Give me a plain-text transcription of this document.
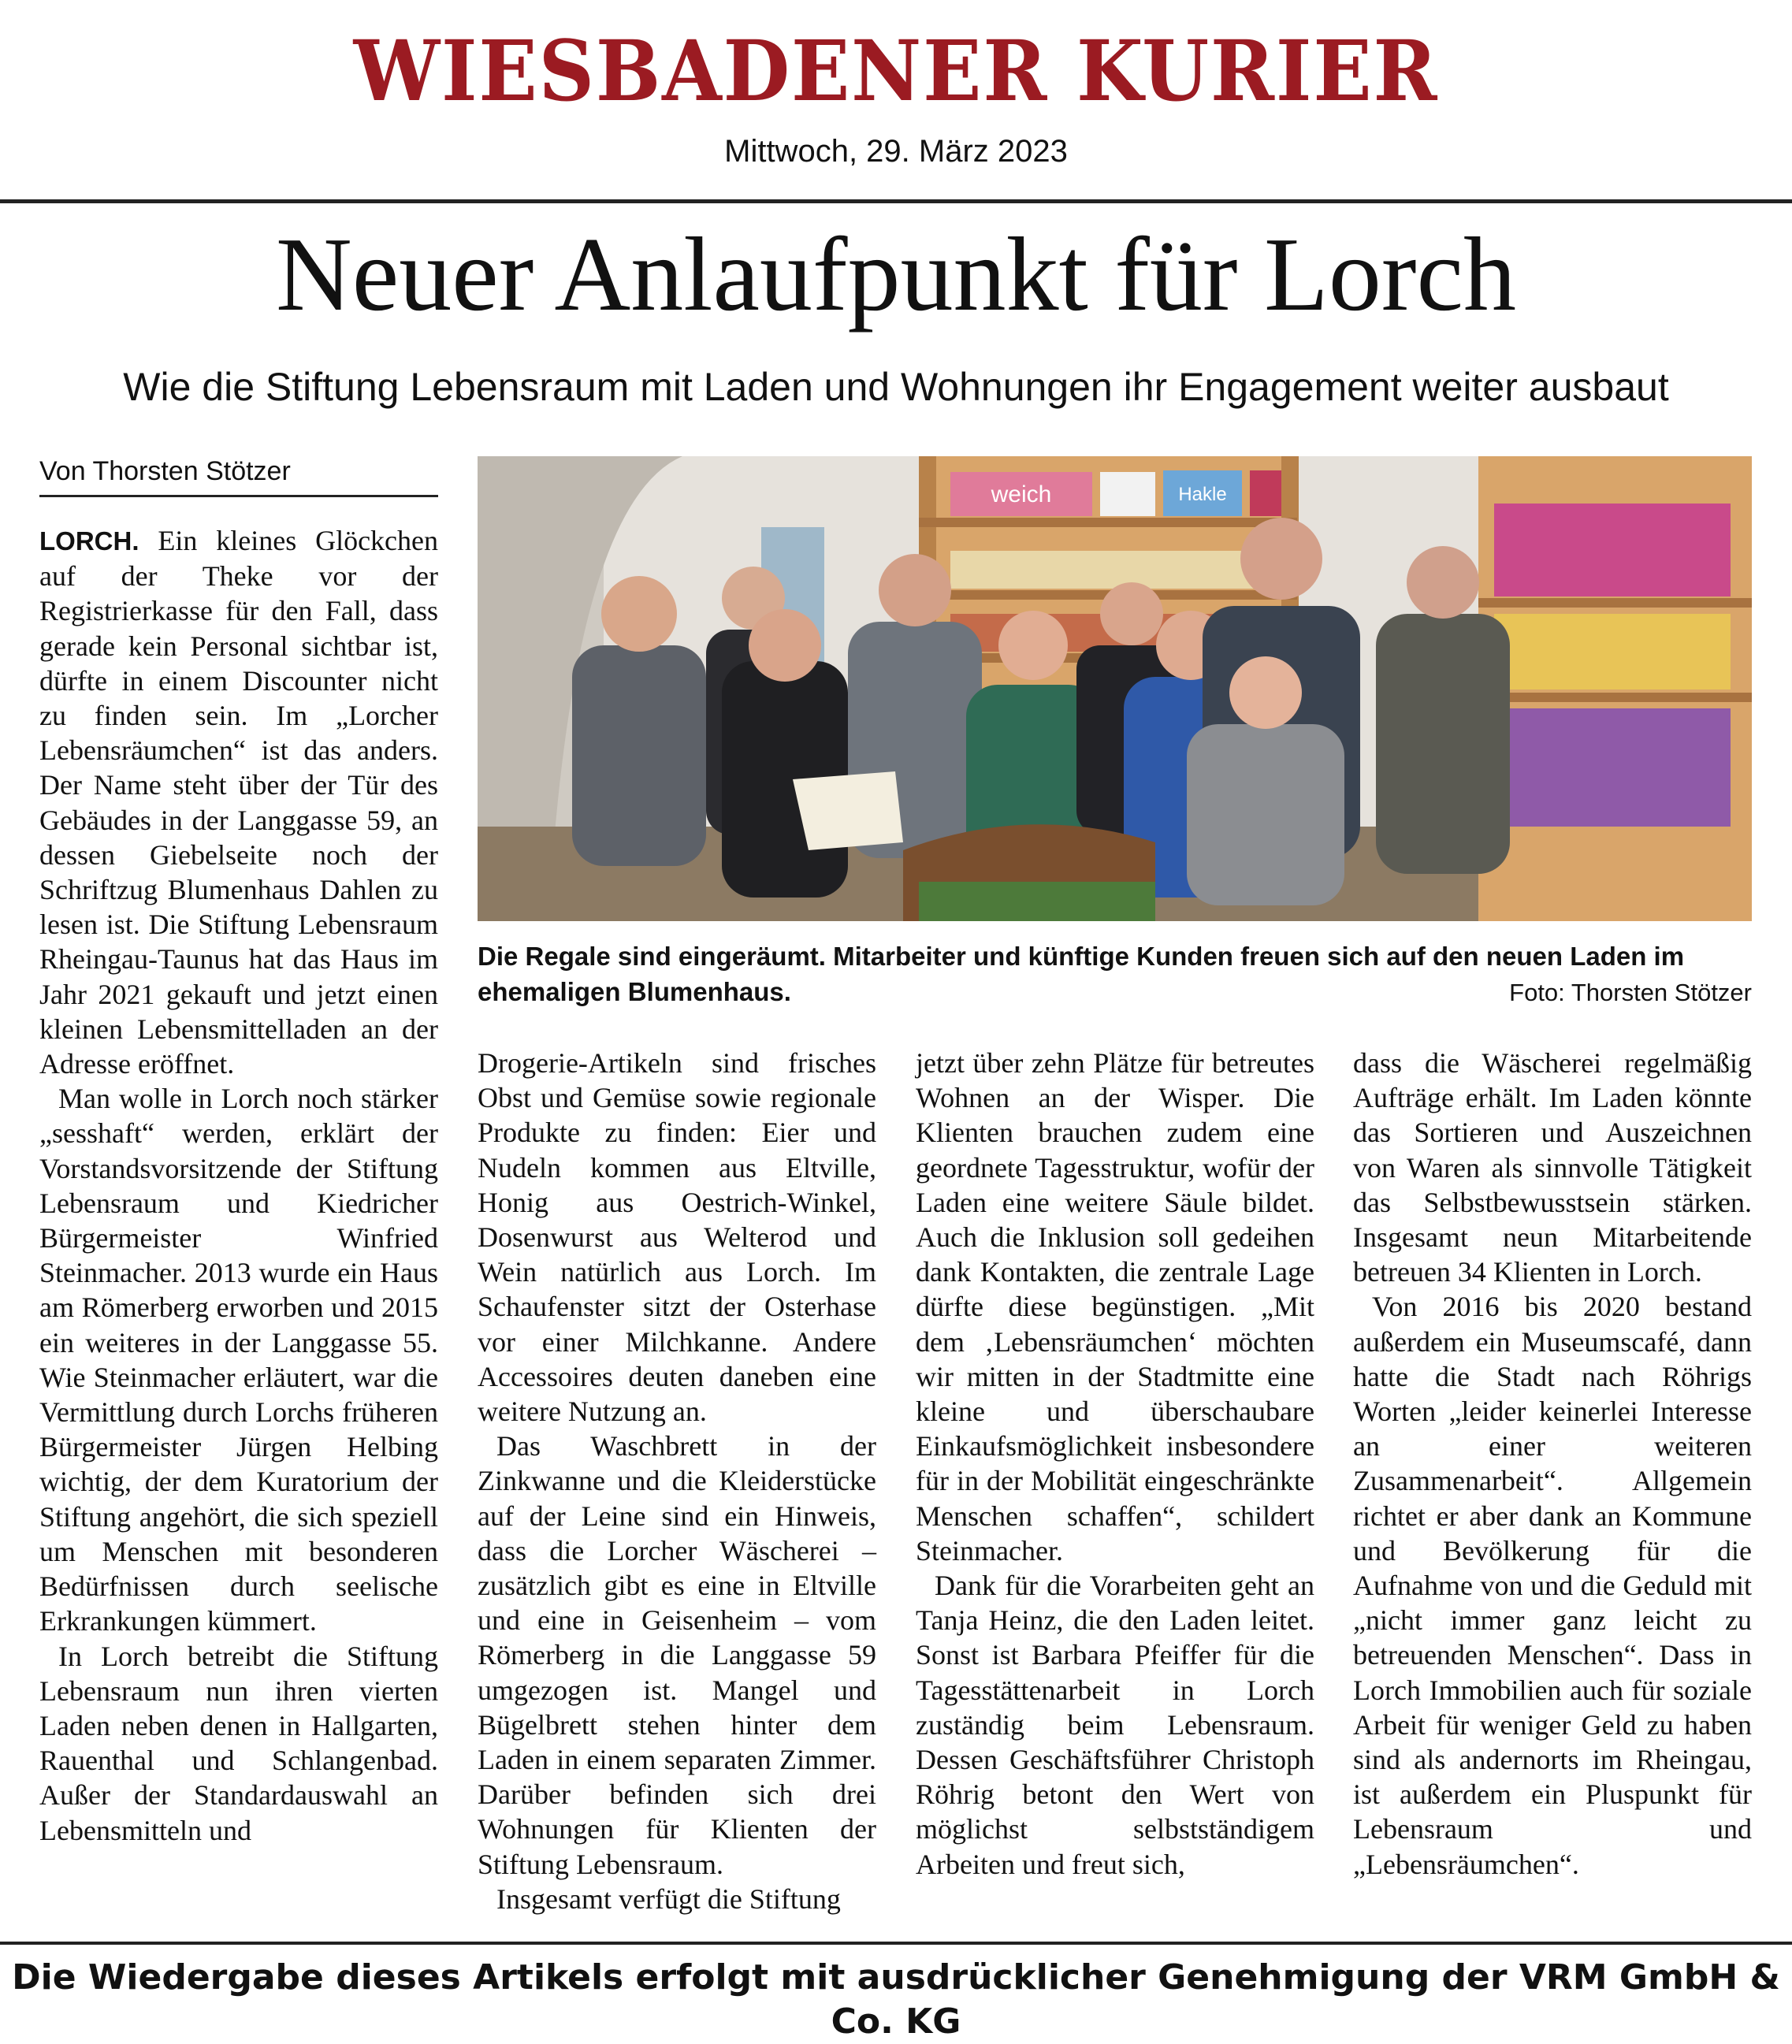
WIESBADENER KURIER
Mittwoch, 29. März 2023
Neuer Anlaufpunkt für Lorch
Wie die Stiftung Lebensraum mit Laden und Wohnungen ihr Engagement weiter ausbaut
Von Thorsten Stötzer
weich	Hakle
Die Regale sind eingeräumt. Mitarbeiter und künftige Kunden freuen sich auf den neuen Laden im ehemaligen Blumenhaus.	Foto: Thorsten Stötzer

LORCH. Ein kleines Glöckchen auf der Theke vor der Registrierkasse für den Fall, dass gerade kein Personal sichtbar ist, dürfte in einem Discounter nicht zu finden sein. Im „Lorcher Lebensräumchen“ ist das anders. Der Name steht über der Tür des Gebäudes in der Langgasse 59, an dessen Giebelseite noch der Schriftzug Blumenhaus Dahlen zu lesen ist. Die Stiftung Lebensraum Rheingau-Taunus hat das Haus im Jahr 2021 gekauft und jetzt einen kleinen Lebensmittelladen an der Adresse eröffnet.

Man wolle in Lorch noch stärker „sesshaft“ werden, erklärt der Vorstandsvorsitzende der Stiftung Lebensraum und Kiedricher Bürgermeister Winfried Steinmacher. 2013 wurde ein Haus am Römerberg erworben und 2015 ein weiteres in der Langgasse 55. Wie Steinmacher erläutert, war die Vermittlung durch Lorchs früheren Bürgermeister Jürgen Helbing wichtig, der dem Kuratorium der Stiftung angehört, die sich speziell um Menschen mit besonderen Bedürfnissen durch seelische Erkrankungen kümmert.

In Lorch betreibt die Stiftung Lebensraum nun ihren vierten Laden neben denen in Hallgarten, Rauenthal und Schlangenbad. Außer der Standardauswahl an Lebensmitteln und

Drogerie-Artikeln sind frisches Obst und Gemüse sowie regionale Produkte zu finden: Eier und Nudeln kommen aus Eltville, Honig aus Oestrich-Winkel, Dosenwurst aus Welterod und Wein natürlich aus Lorch. Im Schaufenster sitzt der Osterhase vor einer Milchkanne. Andere Accessoires deuten daneben eine weitere Nutzung an.

Das Waschbrett in der Zinkwanne und die Kleiderstücke auf der Leine sind ein Hinweis, dass die Lorcher Wäscherei – zusätzlich gibt es eine in Eltville und eine in Geisenheim – vom Römerberg in die Langgasse 59 umgezogen ist. Mangel und Bügelbrett stehen hinter dem Laden in einem separaten Zimmer. Darüber befinden sich drei Wohnungen für Klienten der Stiftung Lebensraum.

Insgesamt verfügt die Stiftung

jetzt über zehn Plätze für betreutes Wohnen an der Wisper. Die Klienten brauchen zudem eine geordnete Tagesstruktur, wofür der Laden eine weitere Säule bildet. Auch die Inklusion soll gedeihen dank Kontakten, die zentrale Lage dürfte diese begünstigen. „Mit dem ‚Lebensräumchen‘ möchten wir mitten in der Stadtmitte eine kleine und überschaubare Einkaufsmöglichkeit insbesondere für in der Mobilität eingeschränkte Menschen schaffen“, schildert Steinmacher.

Dank für die Vorarbeiten geht an Tanja Heinz, die den Laden leitet. Sonst ist Barbara Pfeiffer für die Tagesstättenarbeit in Lorch zuständig beim Lebensraum. Dessen Geschäftsführer Christoph Röhrig betont den Wert von möglichst selbstständigem Arbeiten und freut sich,

dass die Wäscherei regelmäßig Aufträge erhält. Im Laden könnte das Sortieren und Auszeichnen von Waren als sinnvolle Tätigkeit das Selbstbewusstsein stärken. Insgesamt neun Mitarbeitende betreuen 34 Klienten in Lorch.

Von 2016 bis 2020 bestand außerdem ein Museumscafé, dann hatte die Stadt nach Röhrigs Worten „leider keinerlei Interesse an einer weiteren Zusammenarbeit“. Allgemein richtet er aber dank an Kommune und Bevölkerung für die Aufnahme von und die Geduld mit „nicht immer ganz leicht zu betreuenden Menschen“. Dass in Lorch Immobilien auch für soziale Arbeit für weniger Geld zu haben sind als andernorts im Rheingau, ist außerdem ein Pluspunkt für Lebensraum und „Lebensräumchen“.

Die Wiedergabe dieses Artikels erfolgt mit ausdrücklicher Genehmigung der VRM GmbH & Co. KG
